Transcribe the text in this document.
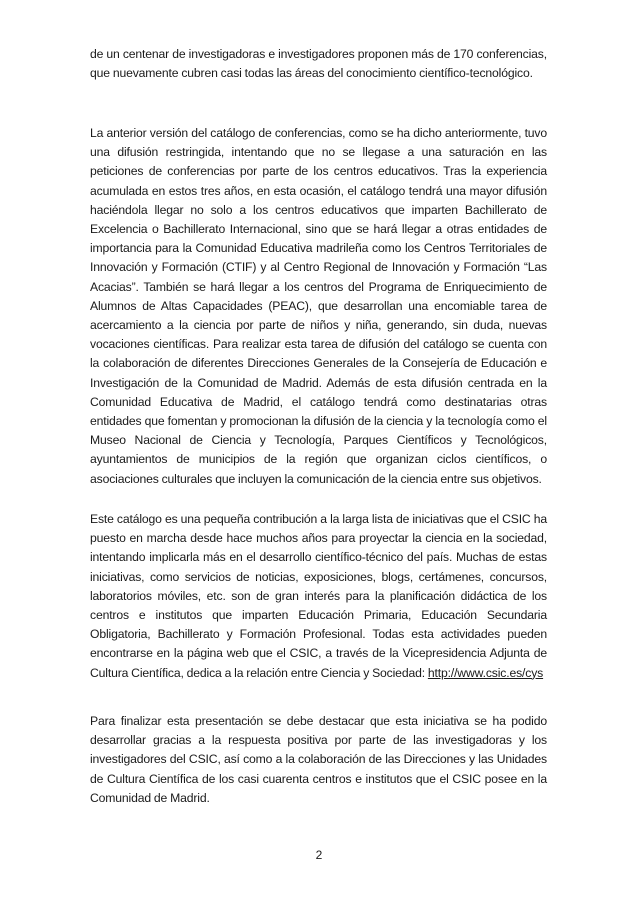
de un centenar de investigadoras e investigadores proponen más de 170 conferencias, que nuevamente cubren casi todas las áreas del conocimiento científico-tecnológico.

La anterior versión del catálogo de conferencias, como se ha dicho anteriormente, tuvo una difusión restringida, intentando que no se llegase a una saturación en las peticiones de conferencias por parte de los centros educativos. Tras la experiencia acumulada en estos tres años, en esta ocasión, el catálogo tendrá una mayor difusión haciéndola llegar no solo a los centros educativos que imparten Bachillerato de Excelencia o Bachillerato Internacional, sino que se hará llegar a otras entidades de importancia para la Comunidad Educativa madrileña como los Centros Territoriales de Innovación y Formación (CTIF) y al Centro Regional de Innovación y Formación “Las Acacias”. También se hará llegar a los centros del Programa de Enriquecimiento de Alumnos de Altas Capacidades (PEAC), que desarrollan una encomiable tarea de acercamiento a la ciencia por parte de niños y niña, generando, sin duda, nuevas vocaciones científicas. Para realizar esta tarea de difusión del catálogo se cuenta con la colaboración de diferentes Direcciones Generales de la Consejería de Educación e Investigación de la Comunidad de Madrid. Además de esta difusión centrada en la Comunidad Educativa de Madrid, el catálogo tendrá como destinatarias otras entidades que fomentan y promocionan la difusión de la ciencia y la tecnología como el Museo Nacional de Ciencia y Tecnología, Parques Científicos y Tecnológicos, ayuntamientos de municipios de la región que organizan ciclos científicos, o asociaciones culturales que incluyen la comunicación de la ciencia entre sus objetivos.

Este catálogo es una pequeña contribución a la larga lista de iniciativas que el CSIC ha puesto en marcha desde hace muchos años para proyectar la ciencia en la sociedad, intentando implicarla más en el desarrollo científico-técnico del país. Muchas de estas iniciativas, como servicios de noticias, exposiciones, blogs, certámenes, concursos, laboratorios móviles, etc. son de gran interés para la planificación didáctica de los centros e institutos que imparten Educación Primaria, Educación Secundaria Obligatoria, Bachillerato y Formación Profesional. Todas esta actividades pueden encontrarse en la página web que el CSIC, a través de la Vicepresidencia Adjunta de Cultura Científica, dedica a la relación entre Ciencia y Sociedad: http://www.csic.es/cys

Para finalizar esta presentación se debe destacar que esta iniciativa se ha podido desarrollar gracias a la respuesta positiva por parte de las investigadoras y los investigadores del CSIC, así como a la colaboración de las Direcciones y las Unidades de Cultura Científica de los casi cuarenta centros e institutos que el CSIC posee en la Comunidad de Madrid.

2
